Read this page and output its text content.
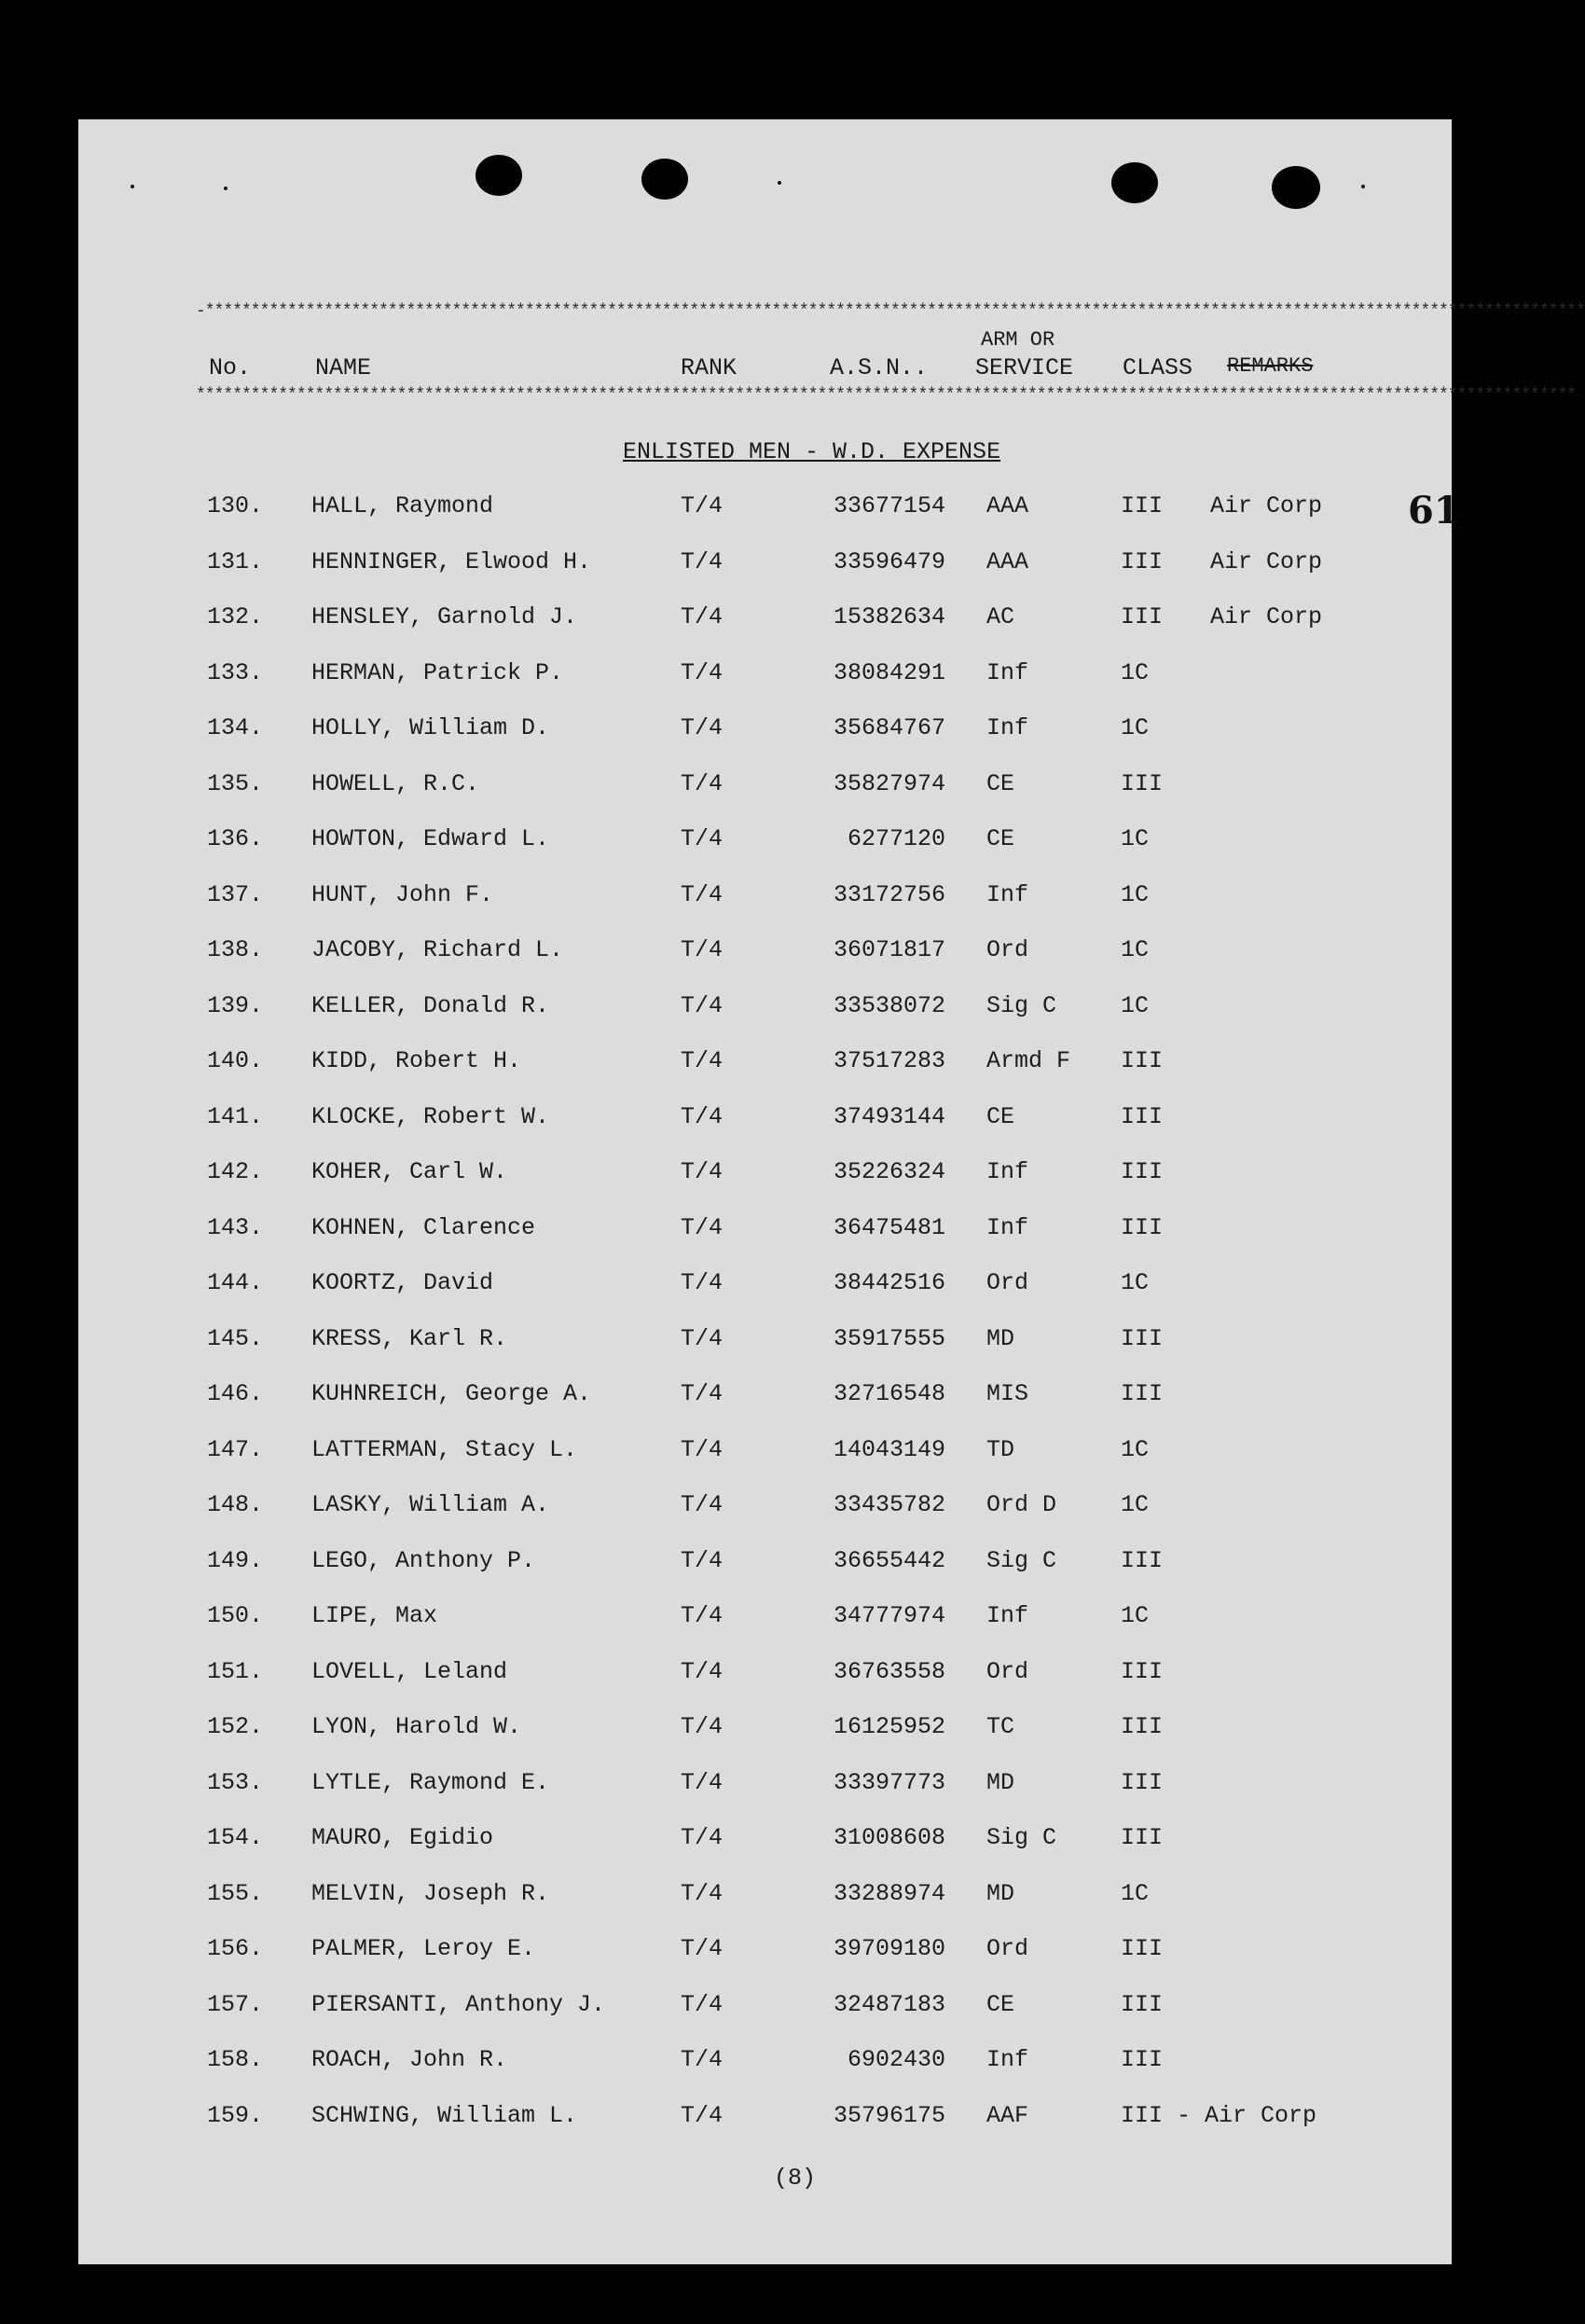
-*******************************************************************************************************************************************************
*******************************************************************************************************************************************************
No.	NAME	RANK	A.S.N..
ARM OR
SERVICE CLASS REMARKS
ENLISTED MEN - W.D. EXPENSE
61
130. HALL, Raymond	T/4	33677154 AAA	III Air Corp
131. HENNINGER, Elwood H.	T/4	33596479 AAA	III Air Corp
132. HENSLEY, Garnold J.	T/4	15382634 AC	III Air Corp
133. HERMAN, Patrick P.	T/4	38084291 Inf	1C
134. HOLLY, William D.	T/4	35684767 Inf	1C
135. HOWELL, R.C.	T/4	35827974 CE	III
136. HOWTON, Edward L.	T/4	6277120 CE	1C
137. HUNT, John F.	T/4	33172756 Inf	1C
138. JACOBY, Richard L.	T/4	36071817 Ord	1C
139. KELLER, Donald R.	T/4	33538072 Sig C	1C
140. KIDD, Robert H.	T/4	37517283 Armd F III
141. KLOCKE, Robert W.	T/4	37493144 CE	III
142. KOHER, Carl W.	T/4	35226324 Inf	III
143. KOHNEN, Clarence	T/4	36475481 Inf	III
144. KOORTZ, David	T/4	38442516 Ord	1C
145. KRESS, Karl R.	T/4	35917555 MD	III
146. KUHNREICH, George A.	T/4	32716548 MIS	III
147. LATTERMAN, Stacy L.	T/4	14043149 TD	1C
148. LASKY, William A.	T/4	33435782 Ord D	1C
149. LEGO, Anthony P.	T/4	36655442 Sig C	III
150. LIPE, Max	T/4	34777974 Inf	1C
151. LOVELL, Leland	T/4	36763558 Ord	III
152. LYON, Harold W.	T/4	16125952 TC	III
153. LYTLE, Raymond E.	T/4	33397773 MD	III
154. MAURO, Egidio	T/4	31008608 Sig C	III
155. MELVIN, Joseph R.	T/4	33288974 MD	1C
156. PALMER, Leroy E.	T/4	39709180 Ord	III
157. PIERSANTI, Anthony J.	T/4	32487183 CE	III
158. ROACH, John R.	T/4	6902430 Inf	III
159. SCHWING, William L.	T/4	35796175 AAF	III - Air Corp
(8)
